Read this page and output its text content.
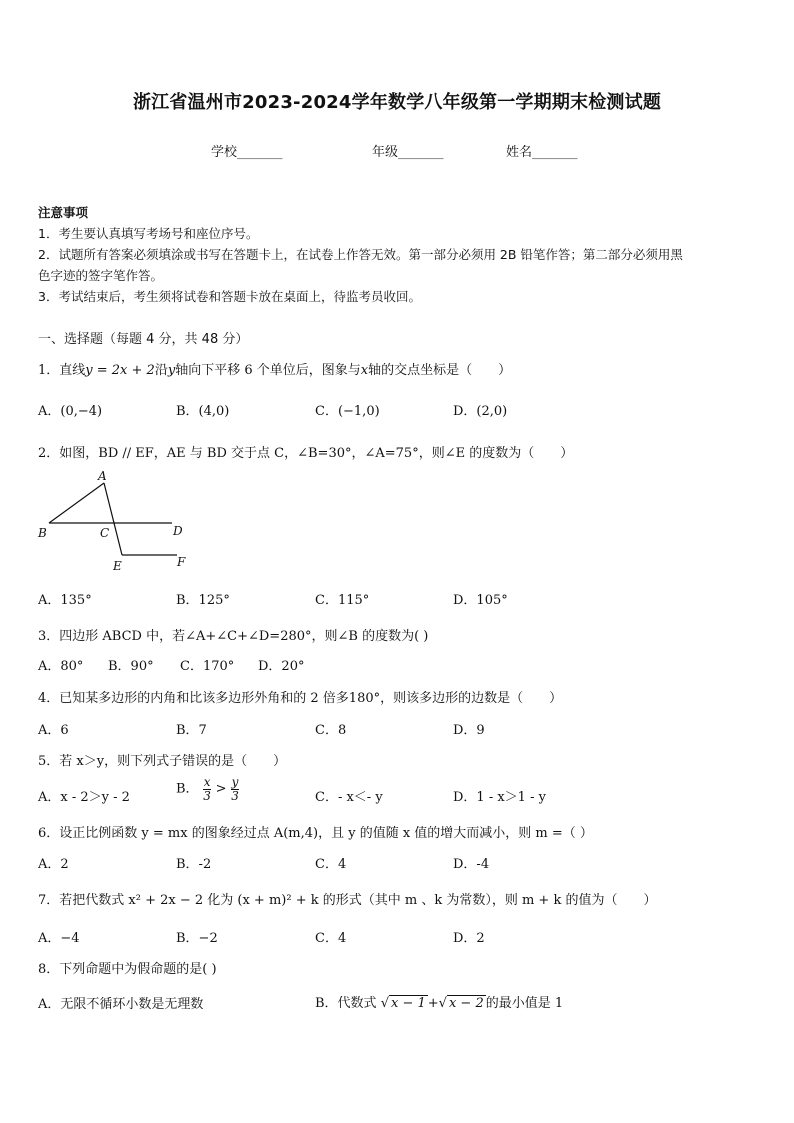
浙江省温州市2023-2024学年数学八年级第一学期期末检测试题
学校_______	年级_______	姓名_______
注意事项
1．考生要认真填写考场号和座位序号。
2．试题所有答案必须填涂或书写在答题卡上，在试卷上作答无效。第一部分必须用 2B 铅笔作答；第二部分必须用黑
色字迹的签字笔作答。
3．考试结束后，考生须将试卷和答题卡放在桌面上，待监考员收回。
一、选择题（每题 4 分，共 48 分）
1．直线y = 2x + 2沿y轴向下平移 6 个单位后，图象与x轴的交点坐标是（　　）
A．(0,−4)	B．(4,0)	C．(−1,0)	D．(2,0)
2．如图，BD // EF，AE 与 BD 交于点 C，∠B=30°，∠A=75°，则∠E 的度数为（　　）
A
B	C	D
E	F
A．135°	B．125°	C．115°	D．105°
3．四边形 ABCD 中，若∠A+∠C+∠D=280°，则∠B 的度数为( )
A．80° B．90° C．170° D．20°
4．已知某多边形的内角和比该多边形外角和的 2 倍多180°，则该多边形的边数是（　　）
A．6	B．7	C．8	D．9
5．若 x＞y，则下列式子错误的是（　　）
A．x - 2＞y - 2
B． $\frac{x}{3} > \frac{y}{3}$	C．- x＜- y	D．1 - x＞1 - y
6．设正比例函数 y = mx 的图象经过点 A(m,4)，且 y 的值随 x 值的增大而减小，则 m =（ ）
A．2	B．-2	C．4	D．-4
7．若把代数式 x² + 2x − 2 化为 (x + m)² + k 的形式（其中 m 、k 为常数），则 m + k 的值为（　　）
A．−4	B．−2	C．4	D．2
8．下列命题中为假命题的是( )
A．无限不循环小数是无理数	B．代数式 √ x − 1 +√ x − 2 的最小值是 1
